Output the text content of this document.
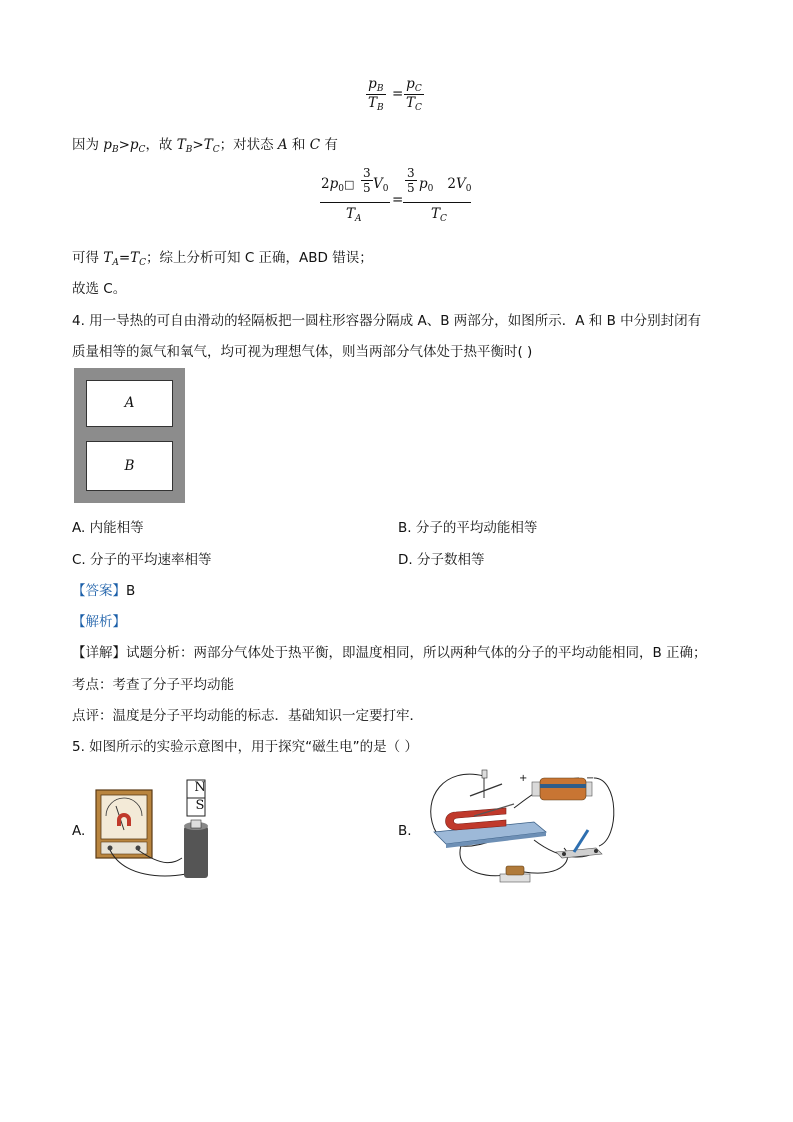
$\frac{p_B}{T_B} = \frac{p_C}{T_C}$
因为 $p_B>p_C$，故 $T_B>T_C$；对状态 A 和 C 有
$2p_0□ \frac{3}{5} V_0$
$T_A$
=
$\frac{3}{5} p_0$ $2V_0$
$T_C$
可得 $T_A=T_C$；综上分析可知 C 正确，ABD 错误；
故选 C。
4. 用一导热的可自由滑动的轻隔板把一圆柱形容器分隔成 A、B 两部分，如图所示．A 和 B 中分别封闭有
质量相等的氮气和氧气，均可视为理想气体，则当两部分气体处于热平衡时( )
A
B
A. 内能相等	B. 分子的平均动能相等
C. 分子的平均速率相等	D. 分子数相等
【答案】B
【解析】
【详解】试题分析：两部分气体处于热平衡，即温度相同，所以两种气体的分子的平均动能相同，B 正确；
考点：考查了分子平均动能
点评：温度是分子平均动能的标志．基础知识一定要打牢．
5. 如图所示的实验示意图中，用于探究“磁生电”的是（ ）
A.	B.
N
S
+	−
